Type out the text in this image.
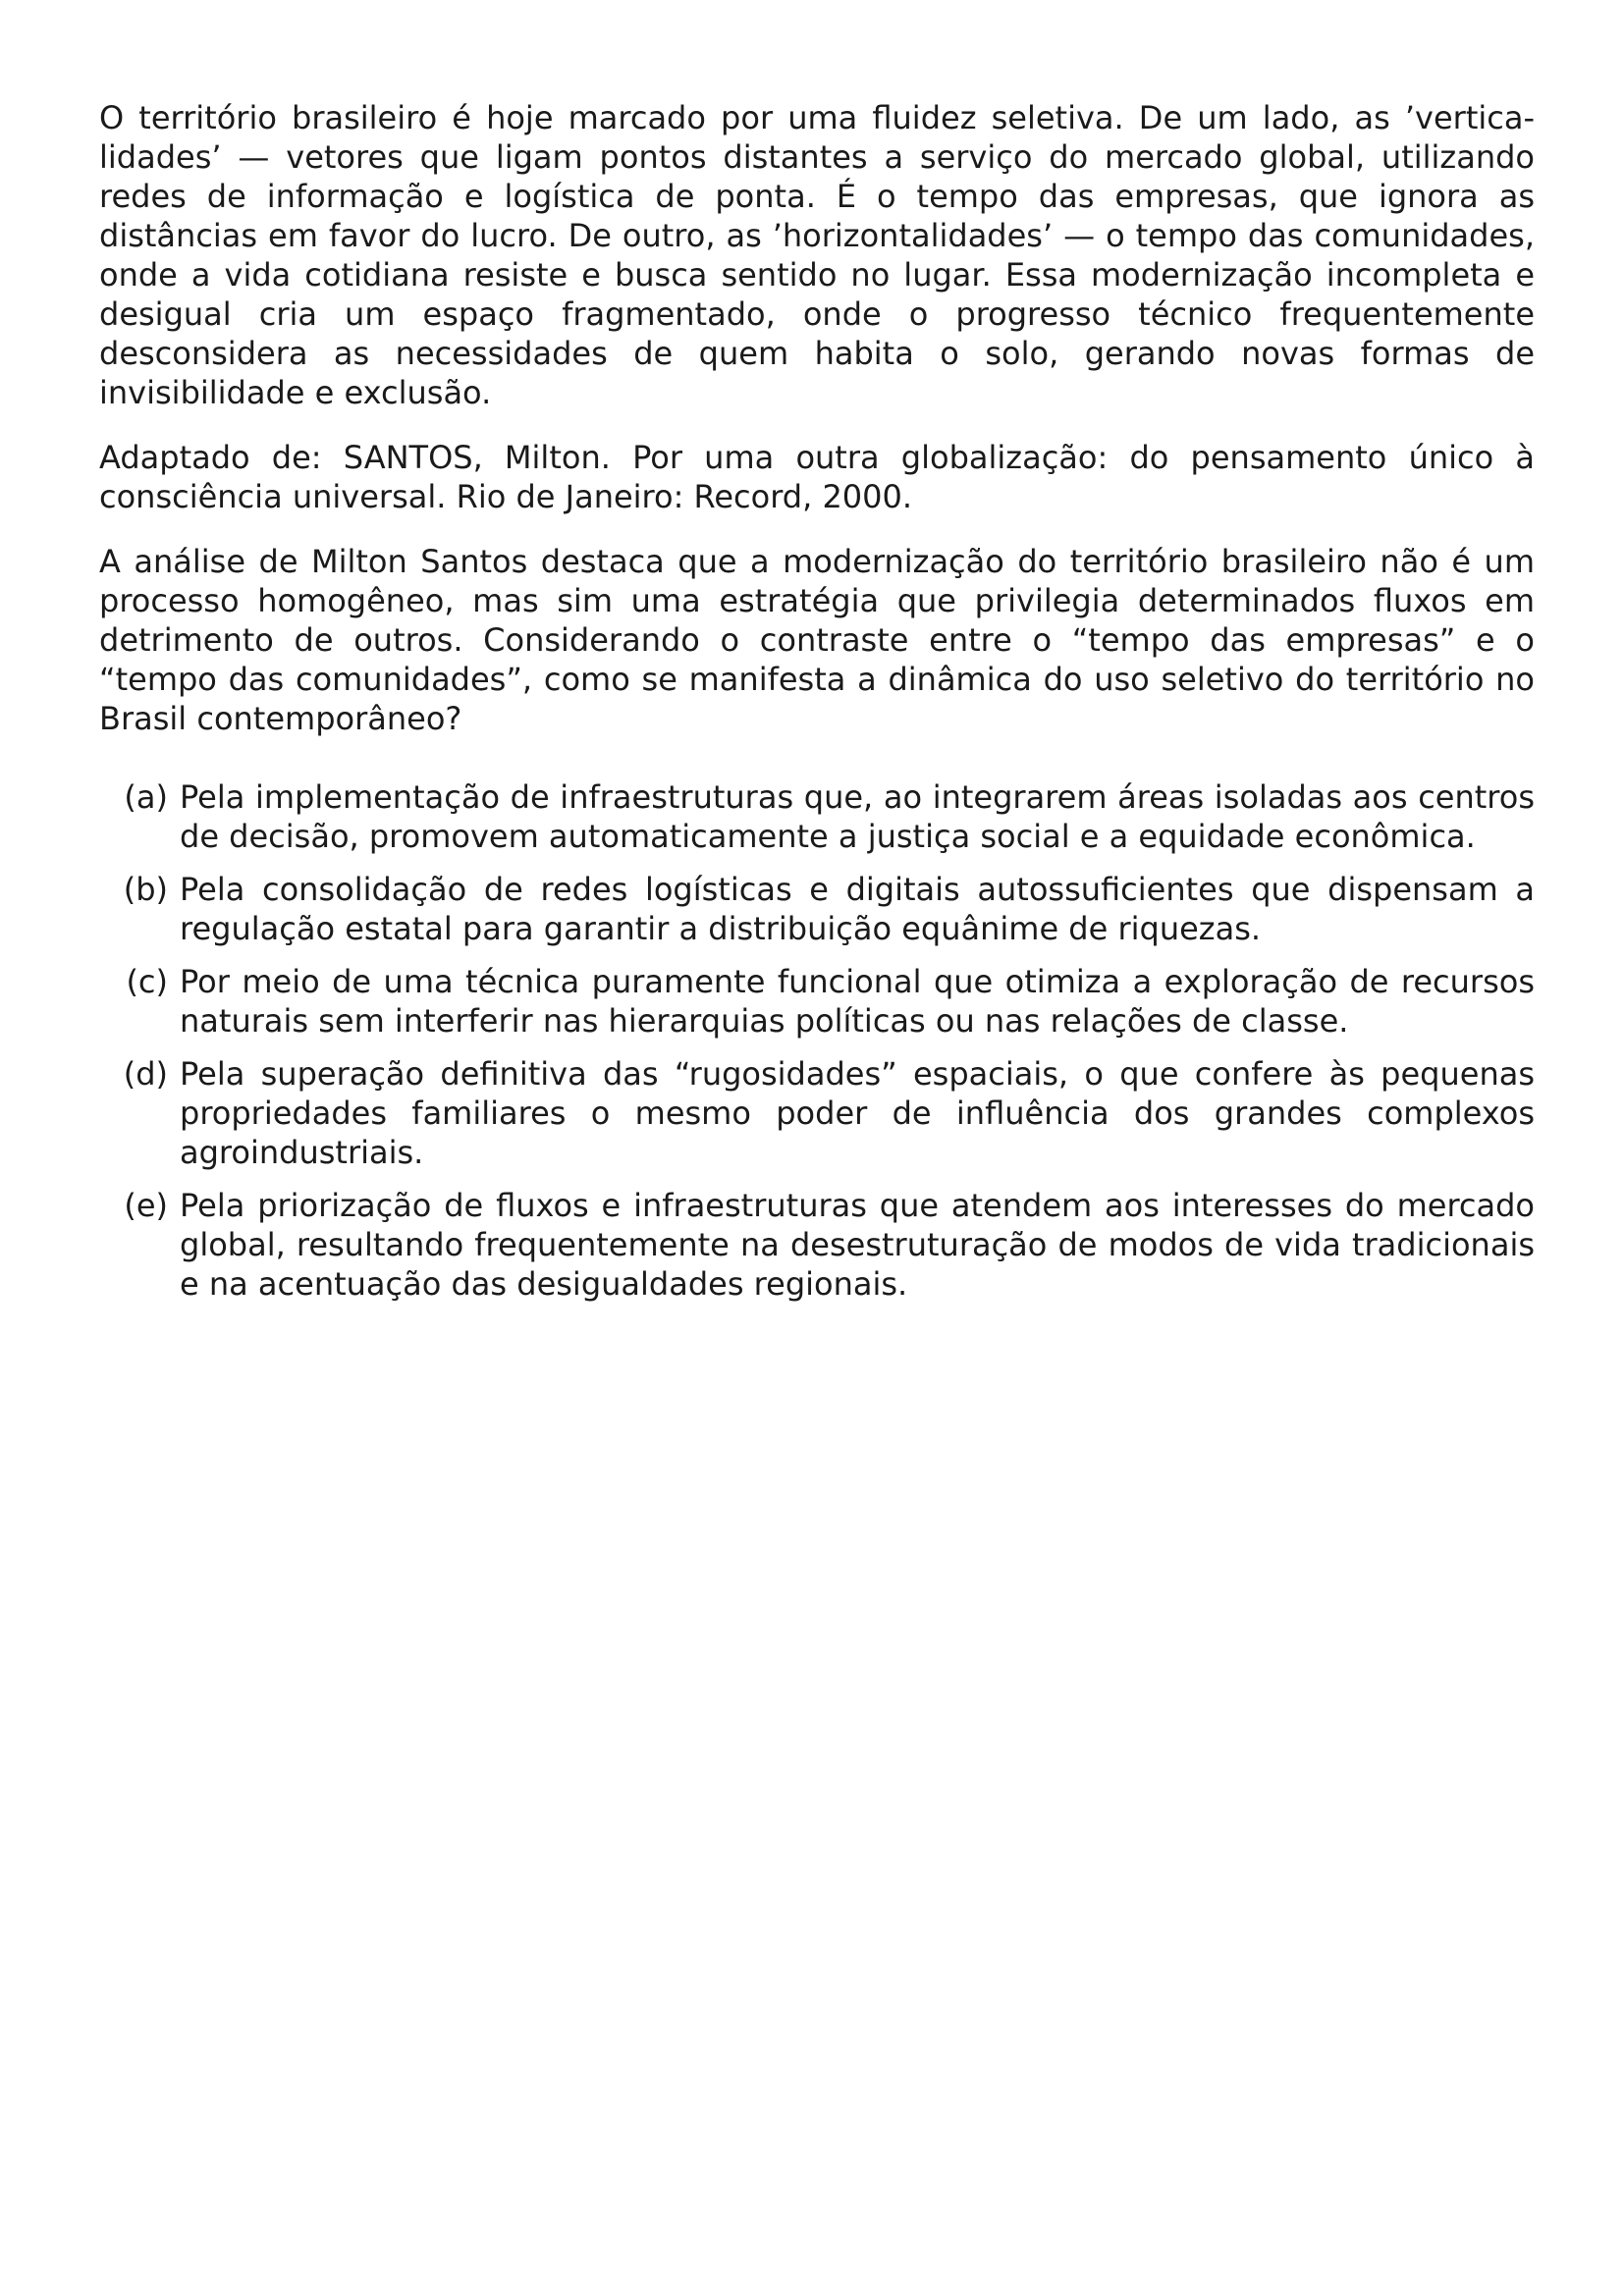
O território brasileiro é hoje marcado por uma fluidez seletiva. De um lado, as ’verticalidades’ — vetores que ligam pontos distantes a serviço do mercado global, utilizando redes de informação e logística de ponta. É o tempo das empresas, que ignora as distâncias em favor do lucro. De outro, as ’horizontalidades’ — o tempo das comunidades, onde a vida cotidiana resiste e busca sentido no lugar. Essa modernização incompleta e desigual cria um espaço fragmentado, onde o progresso técnico frequentemente desconsidera as necessidades de quem habita o solo, gerando novas formas de invisibilidade e exclusão.

Adaptado de: SANTOS, Milton. Por uma outra globalização: do pensamento único à consciência universal. Rio de Janeiro: Record, 2000.

A análise de Milton Santos destaca que a modernização do território brasileiro não é um processo homogêneo, mas sim uma estratégia que privilegia determinados fluxos em detrimento de outros. Considerando o contraste entre o “tempo das empresas” e o “tempo das comunidades”, como se manifesta a dinâmica do uso seletivo do território no Brasil contemporâneo?

(a) Pela implementação de infraestruturas que, ao integrarem áreas isoladas aos centros de decisão, promovem automaticamente a justiça social e a equidade econômica.
(b) Pela consolidação de redes logísticas e digitais autossuficientes que dispensam a regulação estatal para garantir a distribuição equânime de riquezas.
(c) Por meio de uma técnica puramente funcional que otimiza a exploração de recursos naturais sem interferir nas hierarquias políticas ou nas relações de classe.
(d) Pela superação definitiva das “rugosidades” espaciais, o que confere às pequenas propriedades familiares o mesmo poder de influência dos grandes complexos agroindustriais.
(e) Pela priorização de fluxos e infraestruturas que atendem aos interesses do mercado global, resultando frequentemente na desestruturação de modos de vida tradicionais e na acentuação das desigualdades regionais.
